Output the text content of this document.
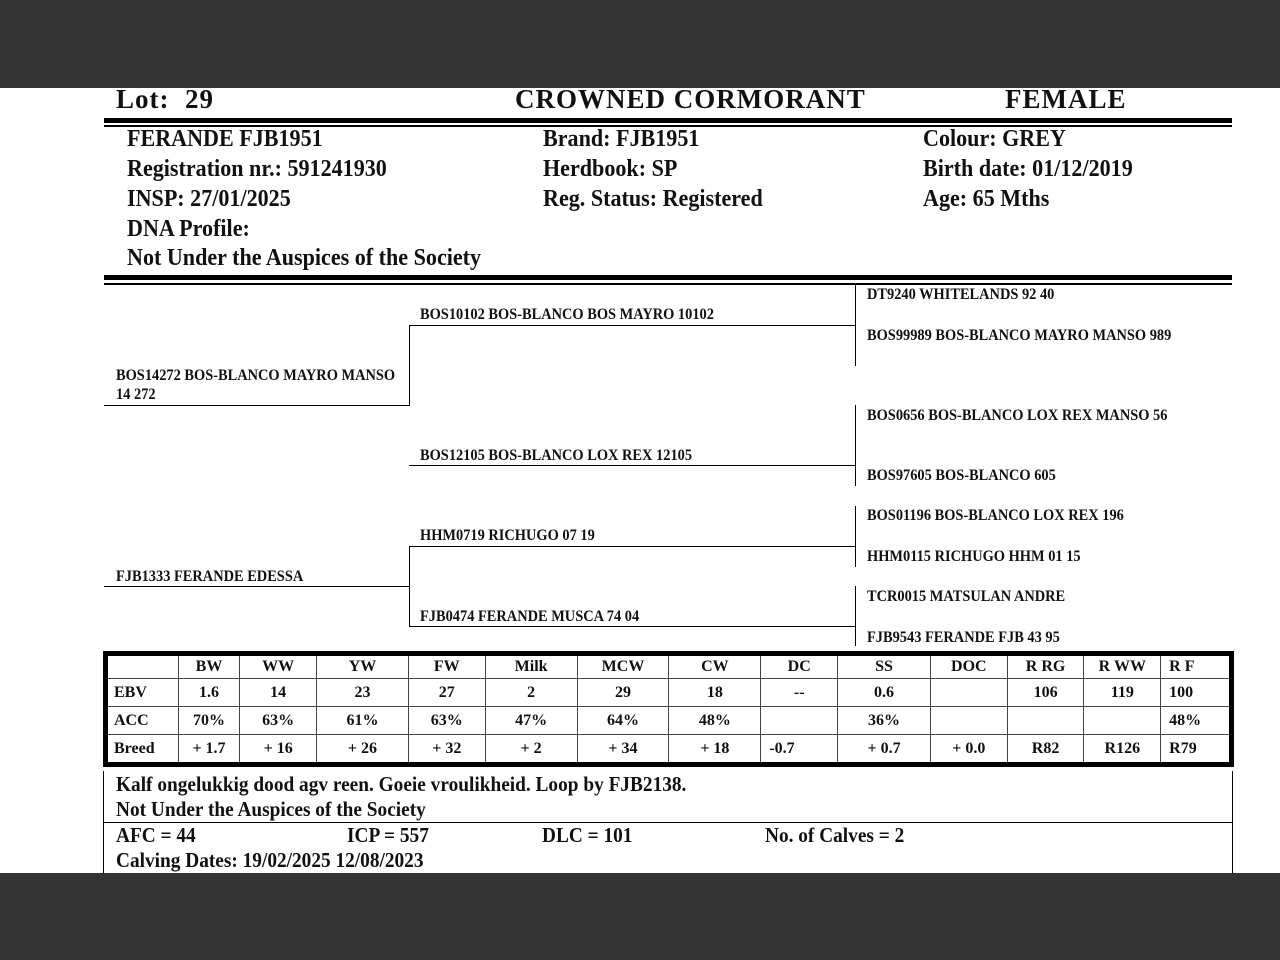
Lot: 29	CROWNED CORMORANT	FEMALE
FERANDE FJB1951
Registration nr.: 591241930
INSP: 27/01/2025
DNA Profile:
Not Under the Auspices of the Society
Brand: FJB1951
Herdbook: SP
Reg. Status: Registered
Colour: GREY
Birth date: 01/12/2019
Age: 65 Mths
BOS14272 BOS-BLANCO MAYRO MANSO 14 272
FJB1333 FERANDE EDESSA
BOS10102 BOS-BLANCO BOS MAYRO 10102
BOS12105 BOS-BLANCO LOX REX 12105
HHM0719 RICHUGO 07 19
FJB0474 FERANDE MUSCA 74 04
DT9240 WHITELANDS 92 40
BOS99989 BOS-BLANCO MAYRO MANSO 989
BOS0656 BOS-BLANCO LOX REX MANSO 56
BOS97605 BOS-BLANCO 605
BOS01196 BOS-BLANCO LOX REX 196
HHM0115 RICHUGO HHM 01 15
TCR0015 MATSULAN ANDRE
FJB9543 FERANDE FJB 43 95
	BW	WW	YW	FW	Milk	MCW	CW	DC	SS	DOC	R RG	R WW	R F
EBV	1.6	14	23	27	2	29	18	--	0.6		106	119	100
ACC	70%	63%	61%	63%	47%	64%	48%		36%				48%
Breed	+ 1.7	+ 16	+ 26	+ 32	+ 2	+ 34	+ 18	-0.7	+ 0.7	+ 0.0	R82	R126	R79
Kalf ongelukkig dood agv reen. Goeie vroulikheid. Loop by FJB2138.
Not Under the Auspices of the Society
AFC = 44	ICP = 557	DLC = 101	No. of Calves = 2
Calving Dates: 19/02/2025 12/08/2023
